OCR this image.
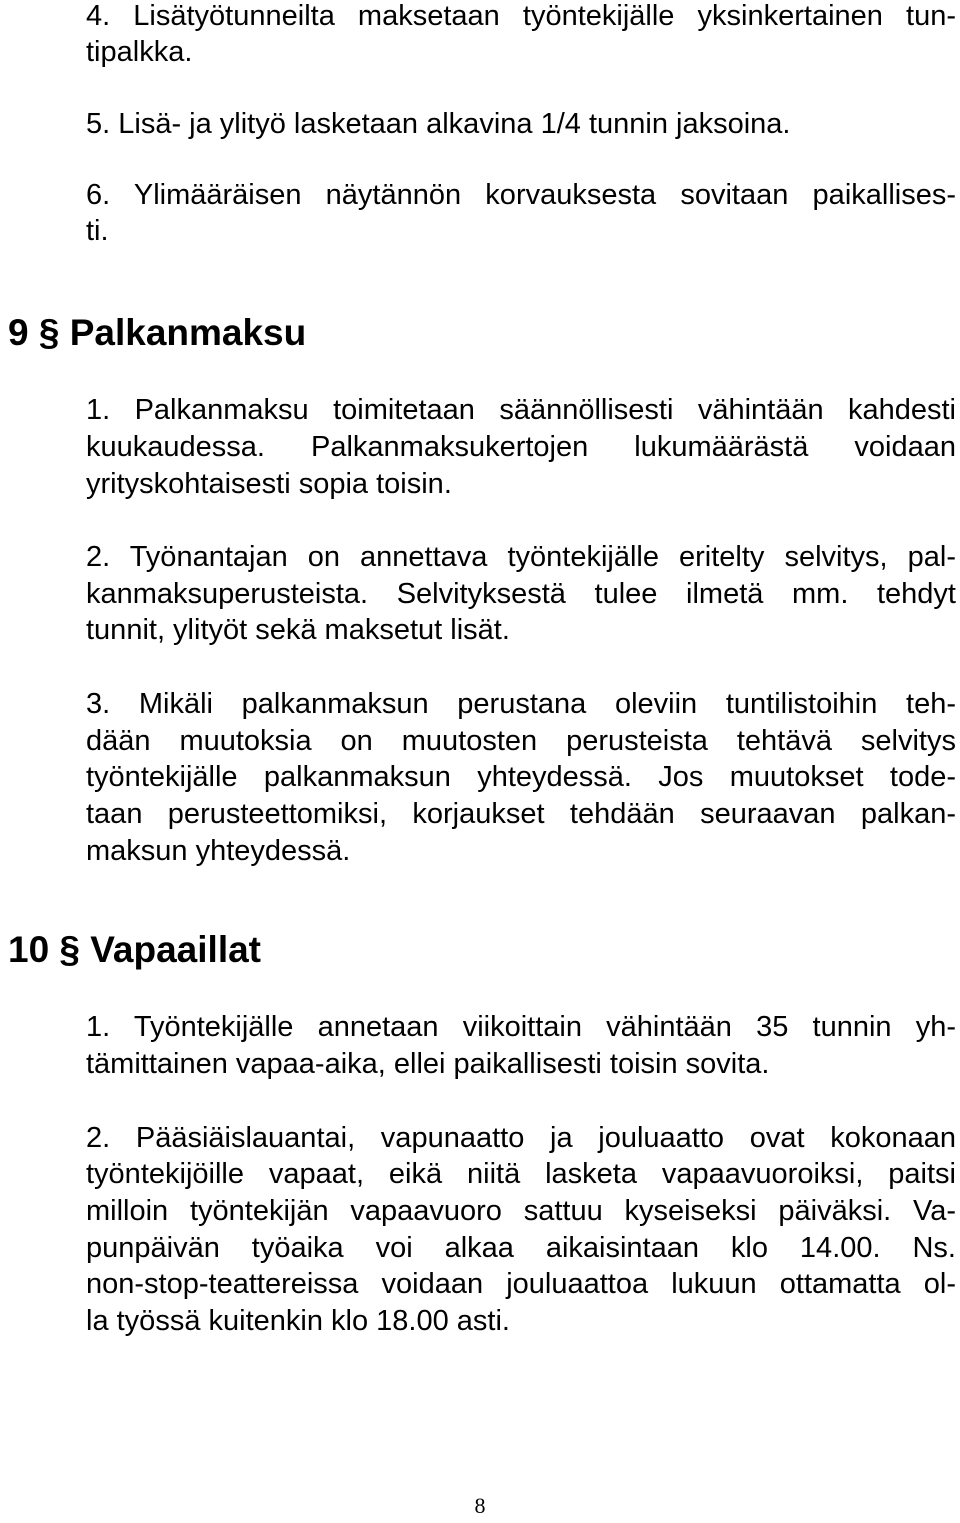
4. Lisätyötunneilta maksetaan työntekijälle yksinkertainen tun-
tipalkka.
5. Lisä- ja ylityö lasketaan alkavina 1/4 tunnin jaksoina.
6. Ylimääräisen näytännön korvauksesta sovitaan paikallises-
ti.
9 § Palkanmaksu
1. Palkanmaksu toimitetaan säännöllisesti vähintään kahdesti
kuukaudessa. Palkanmaksukertojen lukumäärästä voidaan
yrityskohtaisesti sopia toisin.
2. Työnantajan on annettava työntekijälle eritelty selvitys, pal-
kanmaksuperusteista. Selvityksestä tulee ilmetä mm. tehdyt
tunnit, ylityöt sekä maksetut lisät.
3. Mikäli palkanmaksun perustana oleviin tuntilistoihin teh-
dään muutoksia on muutosten perusteista tehtävä selvitys
työntekijälle palkanmaksun yhteydessä. Jos muutokset tode-
taan perusteettomiksi, korjaukset tehdään seuraavan palkan-
maksun yhteydessä.
10 § Vapaaillat
1. Työntekijälle annetaan viikoittain vähintään 35 tunnin yh-
tämittainen vapaa-aika, ellei paikallisesti toisin sovita.
2. Pääsiäislauantai, vapunaatto ja jouluaatto ovat kokonaan
työntekijöille vapaat, eikä niitä lasketa vapaavuoroiksi, paitsi
milloin työntekijän vapaavuoro sattuu kyseiseksi päiväksi. Va-
punpäivän työaika voi alkaa aikaisintaan klo 14.00. Ns.
non-stop-teattereissa voidaan jouluaattoa lukuun ottamatta ol-
la työssä kuitenkin klo 18.00 asti.
8
